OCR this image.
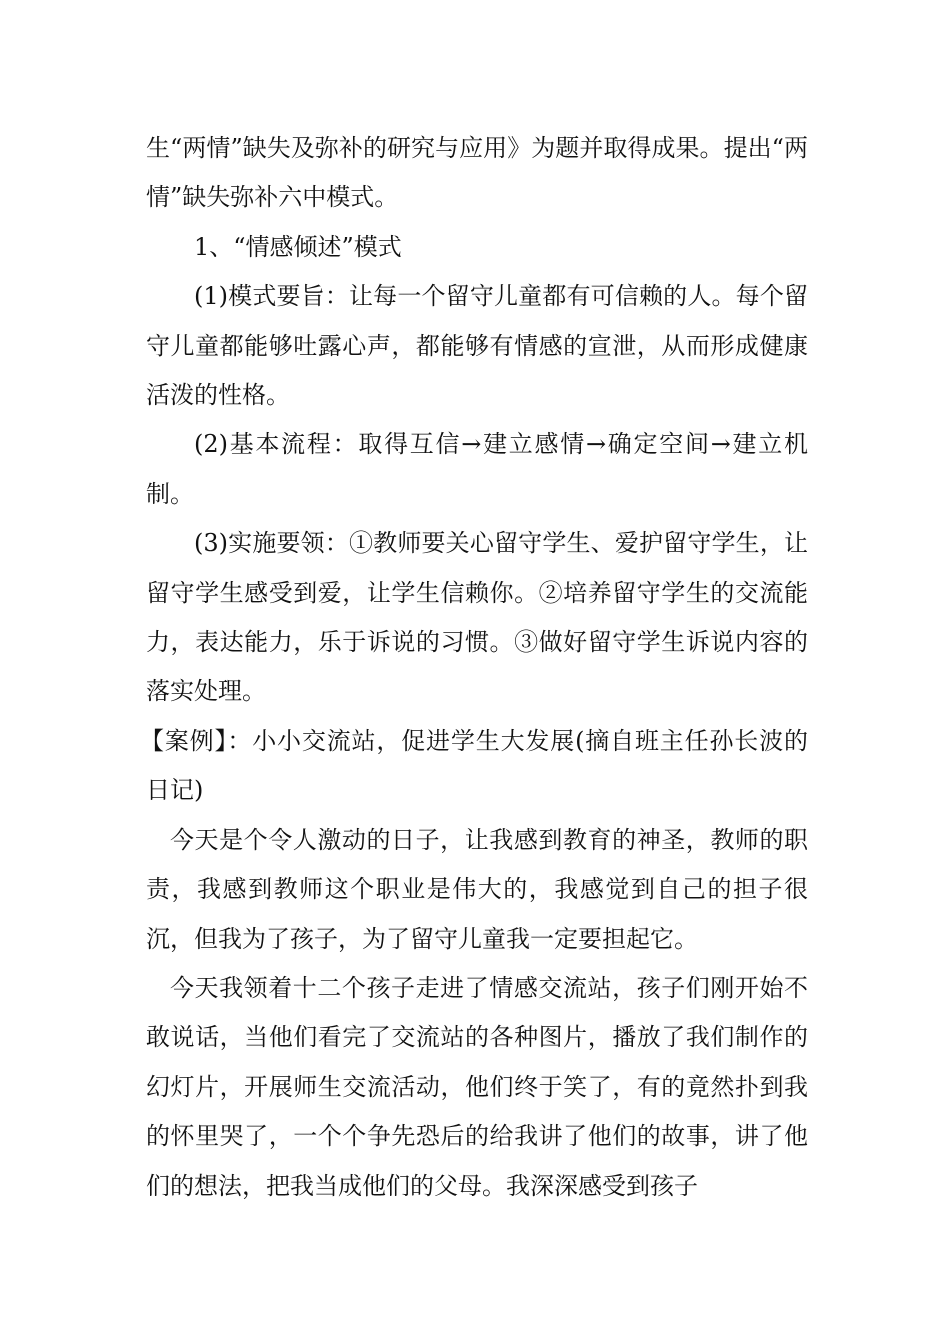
生“两情”缺失及弥补的研究与应用》为题并取得成果。提出“两情”缺失弥补六中模式。

1、“情感倾述”模式

(1)模式要旨：让每一个留守儿童都有可信赖的人。每个留守儿童都能够吐露心声，都能够有情感的宣泄，从而形成健康活泼的性格。

(2)基本流程：取得互信→建立感情→确定空间→建立机制。

(3)实施要领：①教师要关心留守学生、爱护留守学生，让留守学生感受到爱，让学生信赖你。②培养留守学生的交流能力，表达能力，乐于诉说的习惯。③做好留守学生诉说内容的落实处理。

【案例】：小小交流站，促进学生大发展(摘自班主任孙长波的日记)

今天是个令人激动的日子，让我感到教育的神圣，教师的职责，我感到教师这个职业是伟大的，我感觉到自己的担子很沉，但我为了孩子，为了留守儿童我一定要担起它。

今天我领着十二个孩子走进了情感交流站，孩子们刚开始不敢说话，当他们看完了交流站的各种图片，播放了我们制作的幻灯片，开展师生交流活动，他们终于笑了，有的竟然扑到我的怀里哭了，一个个争先恐后的给我讲了他们的故事，讲了他们的想法，把我当成他们的父母。我深深感受到孩子
